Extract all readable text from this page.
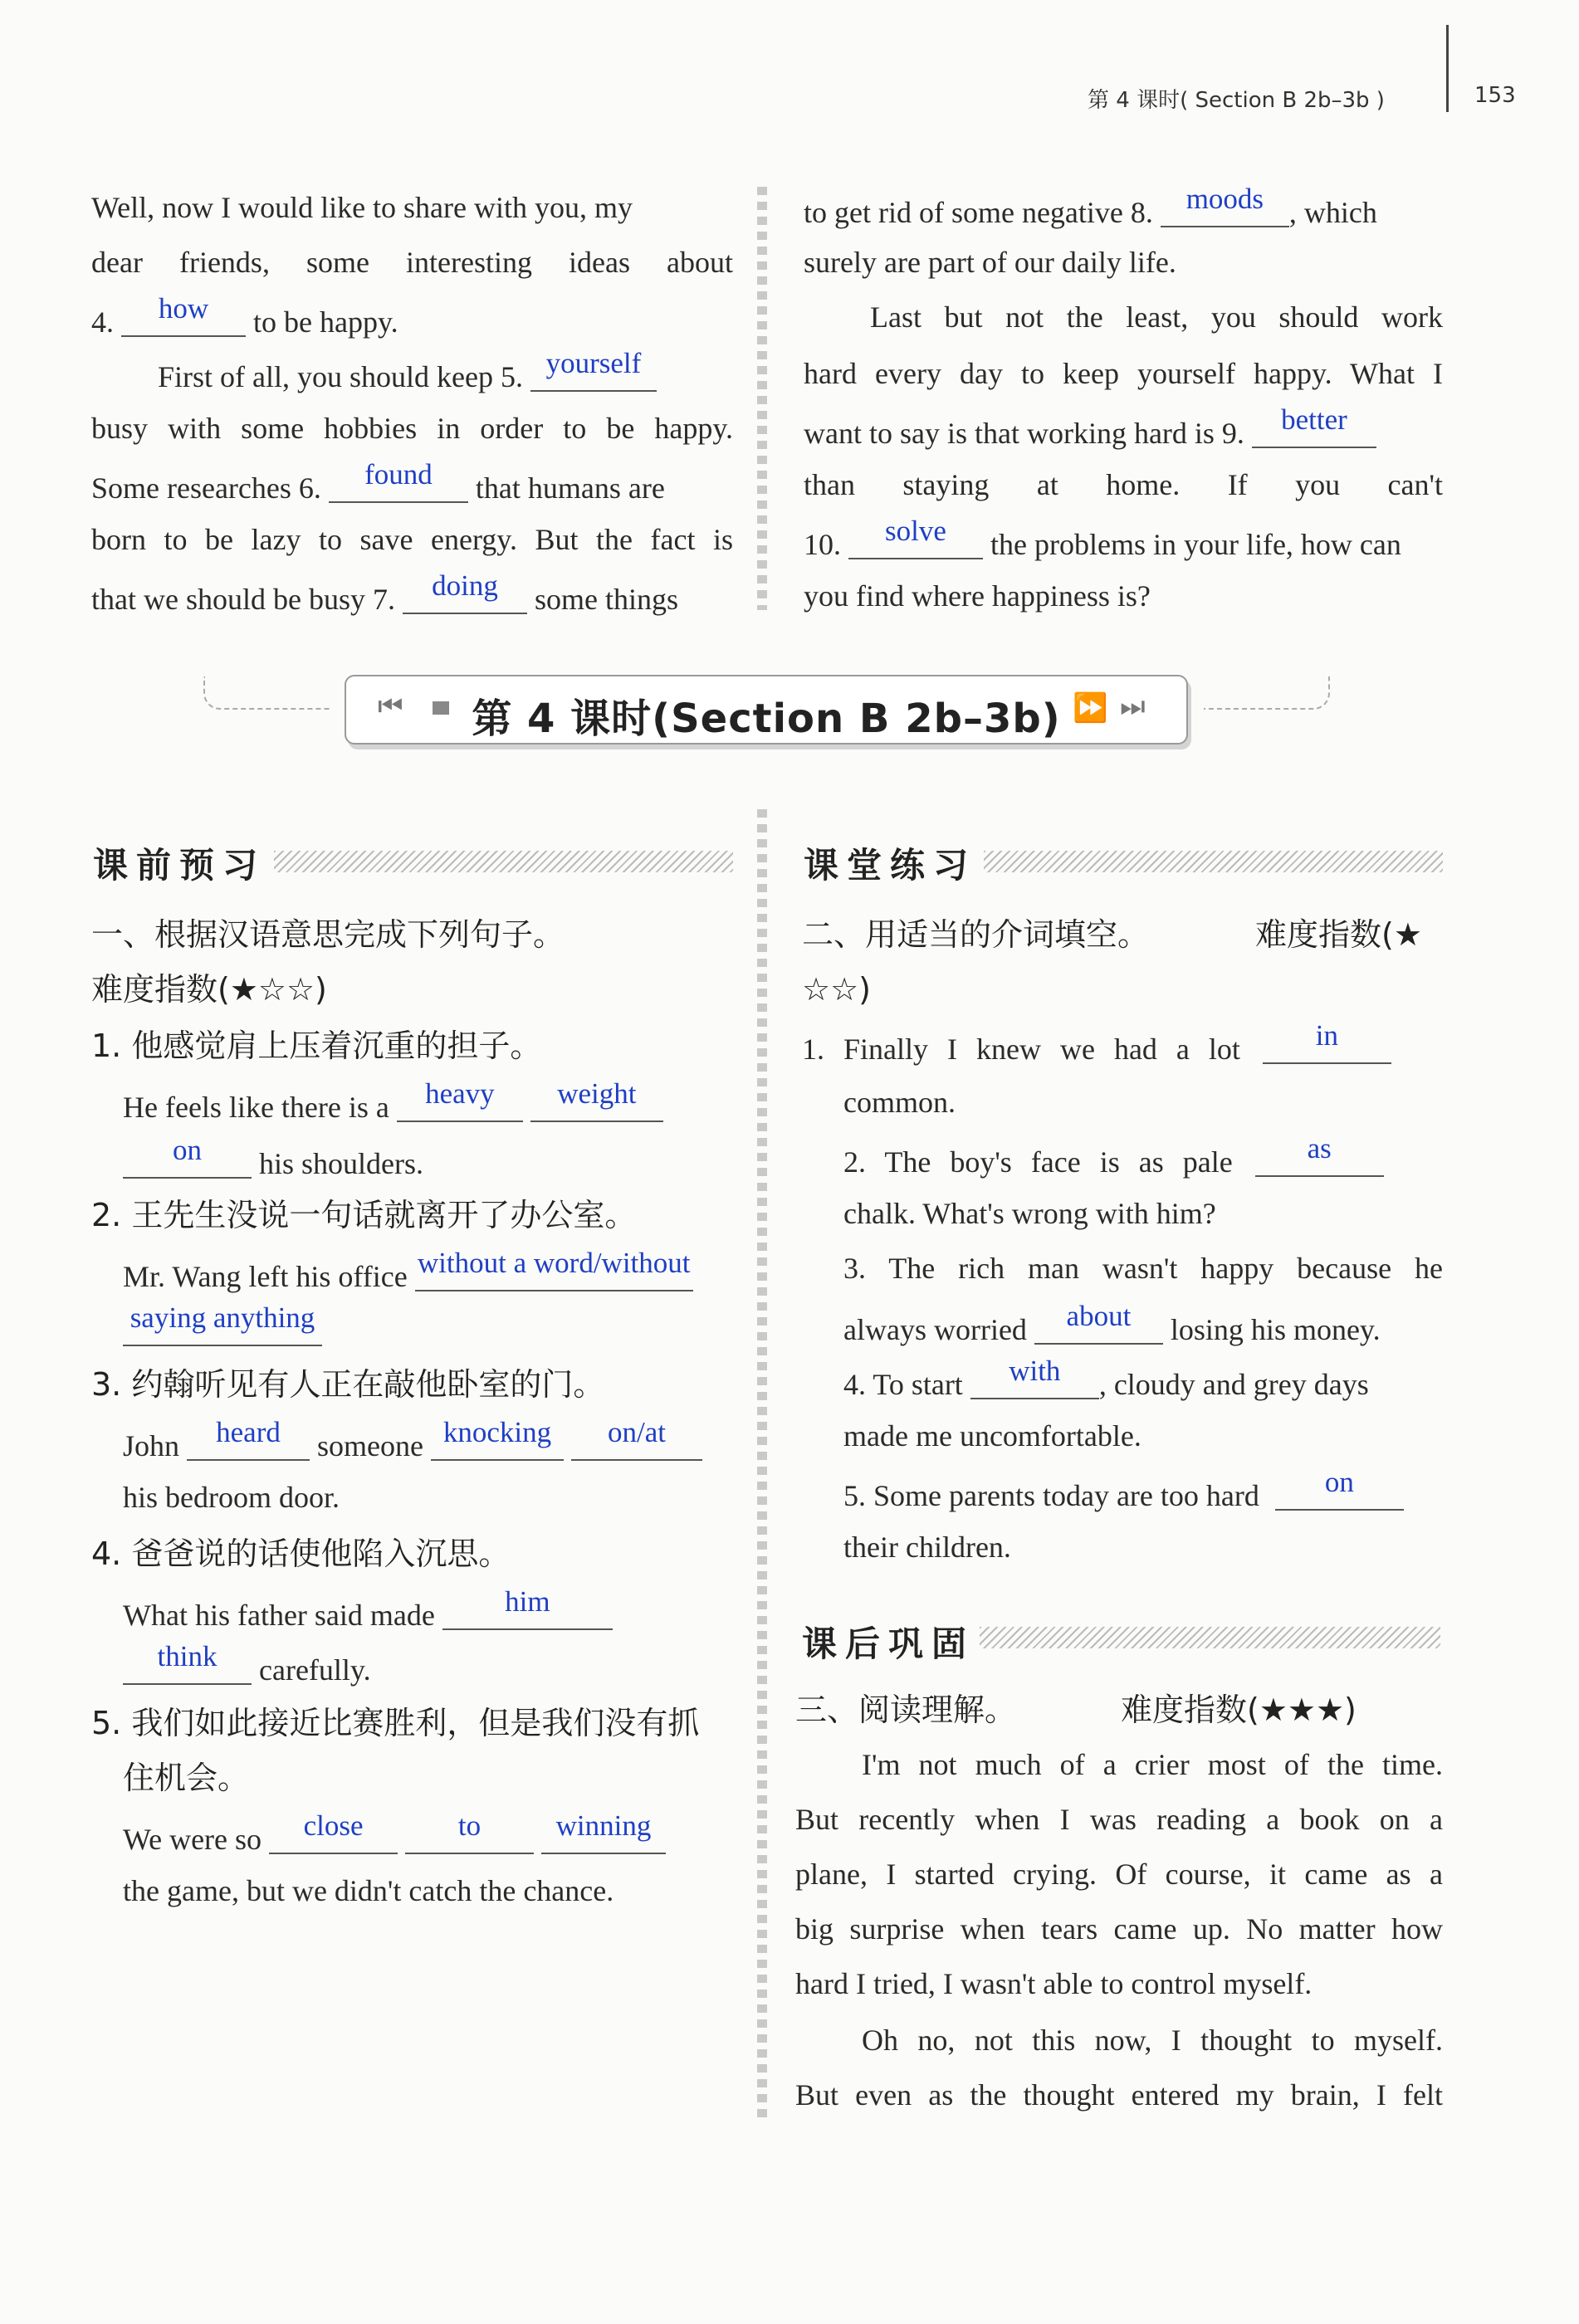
第 4 课时( Section B 2b–3b )	153
Well, now I would like to share with you, my
dear friends, some interesting ideas about
4.	how	to be happy.
First of all, you should keep 5. yourself
busy with some hobbies in order to be happy.
Some researches 6.	found	that humans are
born to be lazy to save energy. But the fact is
that we should be busy 7.	doing	some things
to get rid of some negative 8.	moods , which
surely are part of our daily life.
Last but not the least, you should work
hard every day to keep yourself happy. What I
want to say is that working hard is 9.	better
than staying at home. If you can't
10.	solve	the problems in your life, how can
you find where happiness is?
⏮	第 4 课时(Section B 2b–3b) ⏩ ⏭
课前预习
一、根据汉语意思完成下列句子。
难度指数(★☆☆)
1. 他感觉肩上压着沉重的担子。
He feels like there is a	heavy
	weight
on	his shoulders.
2. 王先生没说一句话就离开了办公室。
Mr. Wang left his office without a word/without
saying anything
3. 约翰听见有人正在敲他卧室的门。
John	heard	someone knocking
	on/at
his bedroom door.
4. 爸爸说的话使他陷入沉思。
What his father said made	him
think	carefully.
5. 我们如此接近比赛胜利，但是我们没有抓
住机会。
We were so	close
	to
	winning
the game, but we didn't catch the chance.
课堂练习
二、用适当的介词填空。	难度指数(★
☆☆)
1. Finally I knew we had a lot	in
common.
2. The boy's face is as pale	as
chalk. What's wrong with him?
3. The rich man wasn't happy because he
always worried	about	losing his money.
4. To start	with	, cloudy and grey days
made me uncomfortable.
5. Some parents today are too hard	on
their children.
课后巩固
三、阅读理解。	难度指数(★★★)
I'm not much of a crier most of the time.
But recently when I was reading a book on a
plane, I started crying. Of course, it came as a
big surprise when tears came up. No matter how
hard I tried, I wasn't able to control myself.
Oh no, not this now, I thought to myself.
But even as the thought entered my brain, I felt
